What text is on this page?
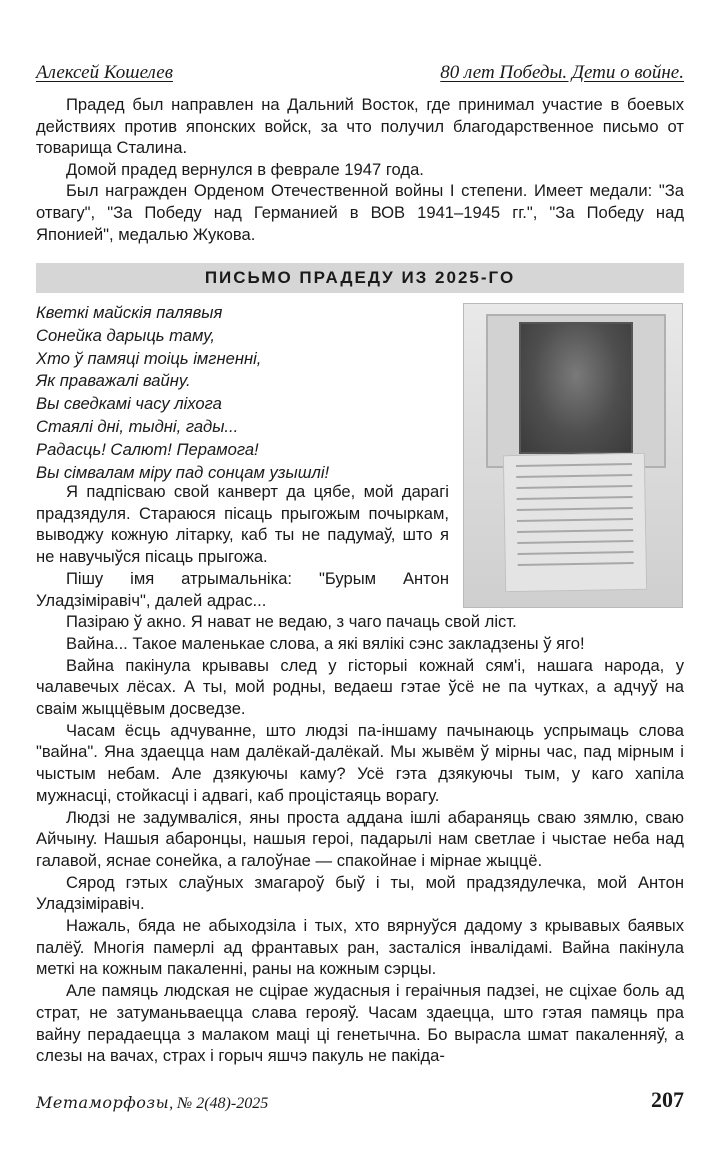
Алексей Кошелев	80 лет Победы. Дети о войне.

Прадед был направлен на Дальний Восток, где принимал участие в боевых действиях против японских войск, за что получил благодарственное письмо от товарища Сталина.

Домой прадед вернулся в феврале 1947 года.

Был награжден Орденом Отечественной войны I степени. Имеет медали: "За отвагу", "За Победу над Германией в ВОВ 1941–1945 гг.", "За Победу над Японией", медалью Жукова.

ПИСЬМО ПРАДЕДУ ИЗ 2025-ГО
Кветкі майскія палявыя
Сонейка дарыць таму,
Хто ў памяці тоіць імгненні,
Як праважалі вайну.
Вы сведкамі часу ліхога
Стаялі дні, тыдні, гады...
Радасць! Салют! Перамога!
Вы сімвалам міру пад сонцам узышлі!

Я падпісваю свой канверт да цябе, мой дарагі прадзядуля. Стараюся пісаць прыгожым почыркам, выводжу кожную літарку, каб ты не падумаў, што я не навучыўся пісаць прыгожа.

Пішу імя атрымальніка: "Бурым Антон Уладзіміравіч", далей адрас...

Пазіраю ў акно. Я нават не ведаю, з чаго пачаць свой ліст.

Вайна... Такое маленькае слова, а які вялікі сэнс закладзены ў яго!

Вайна пакінула крывавы след у гісторыі кожнай сям'і, нашага народа, у чалавечых лёсах. А ты, мой родны, ведаеш гэтае ўсё не па чутках, а адчуў на сваім жыццёвым досведзе.

Часам ёсць адчуванне, што людзі па-іншаму пачынаюць успрымаць слова "вайна". Яна здаецца нам далёкай-далёкай. Мы жывём ў мірны час, пад мірным і чыстым небам. Але дзякуючы каму? Усё гэта дзякуючы тым, у каго хапіла мужнасці, стойкасці і адвагі, каб процістаяць ворагу.

Людзі не задумваліся, яны проста аддана ішлі абараняць сваю зямлю, сваю Айчыну. Нашыя абаронцы, нашыя героі, падарылі нам светлае і чыстае неба над галавой, яснае сонейка, а галоўнае — спакойнае і мірнае жыццё.

Сярод гэтых слаўных змагароў быў і ты, мой прадзядулечка, мой Антон Уладзіміравіч.

Нажаль, бяда не абыходзіла і тых, хто вярнуўся дадому з крывавых баявых палёў. Многія памерлі ад франтавых ран, засталіся інвалідамі. Вайна пакінула меткі на кожным пакаленні, раны на кожным сэрцы.

Але памяць людская не сцірае жудасныя і гераічныя падзеі, не сціхае боль ад страт, не затуманьваецца слава герояў. Часам здаецца, што гэтая памяць пра вайну перадаецца з малаком маці ці генетычна. Бо вырасла шмат пакаленняў, а слезы на вачах, страх і горыч яшчэ пакуль не пакіда-

Метаморфозы, № 2(48)-2025	207
